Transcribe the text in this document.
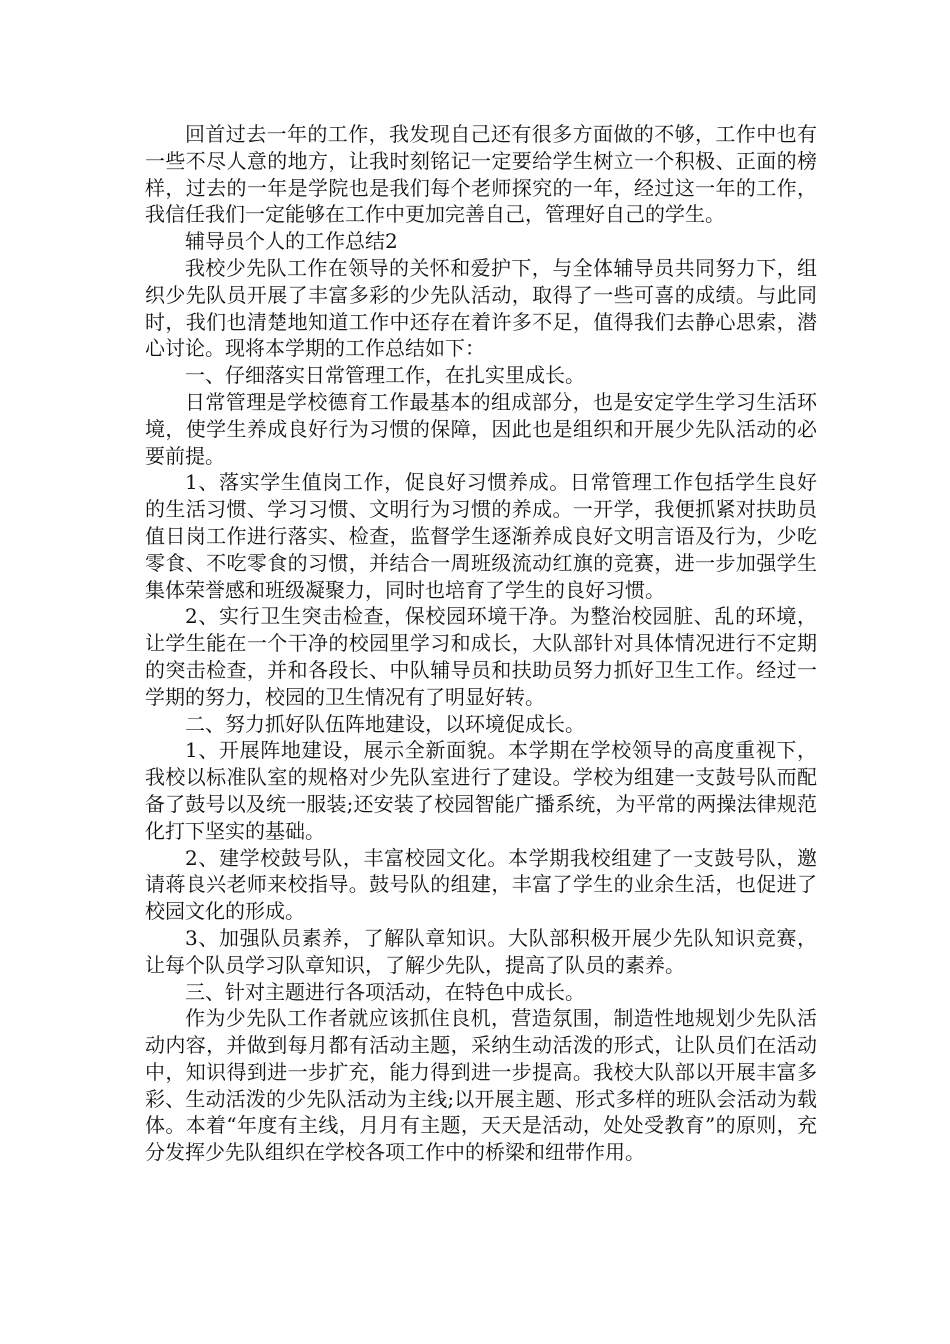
回首过去一年的工作，我发现自己还有很多方面做的不够，工作中也有一些不尽人意的地方，让我时刻铭记一定要给学生树立一个积极、正面的榜样，过去的一年是学院也是我们每个老师探究的一年，经过这一年的工作，我信任我们一定能够在工作中更加完善自己，管理好自己的学生。

辅导员个人的工作总结2

我校少先队工作在领导的关怀和爱护下，与全体辅导员共同努力下，组织少先队员开展了丰富多彩的少先队活动，取得了一些可喜的成绩。与此同时，我们也清楚地知道工作中还存在着许多不足，值得我们去静心思索，潜心讨论。现将本学期的工作总结如下：

一、仔细落实日常管理工作，在扎实里成长。

日常管理是学校德育工作最基本的组成部分，也是安定学生学习生活环境，使学生养成良好行为习惯的保障，因此也是组织和开展少先队活动的必要前提。

1、落实学生值岗工作，促良好习惯养成。日常管理工作包括学生良好的生活习惯、学习习惯、文明行为习惯的养成。一开学，我便抓紧对扶助员值日岗工作进行落实、检查，监督学生逐渐养成良好文明言语及行为，少吃零食、不吃零食的习惯，并结合一周班级流动红旗的竞赛，进一步加强学生集体荣誉感和班级凝聚力，同时也培育了学生的良好习惯。

2、实行卫生突击检查，保校园环境干净。为整治校园脏、乱的环境，让学生能在一个干净的校园里学习和成长，大队部针对具体情况进行不定期的突击检查，并和各段长、中队辅导员和扶助员努力抓好卫生工作。经过一学期的努力，校园的卫生情况有了明显好转。

二、努力抓好队伍阵地建设，以环境促成长。

1、开展阵地建设，展示全新面貌。本学期在学校领导的高度重视下，我校以标准队室的规格对少先队室进行了建设。学校为组建一支鼓号队而配备了鼓号以及统一服装;还安装了校园智能广播系统，为平常的两操法律规范化打下坚实的基础。

2、建学校鼓号队，丰富校园文化。本学期我校组建了一支鼓号队，邀请蒋良兴老师来校指导。鼓号队的组建，丰富了学生的业余生活，也促进了校园文化的形成。

3、加强队员素养，了解队章知识。大队部积极开展少先队知识竞赛，让每个队员学习队章知识，了解少先队，提高了队员的素养。

三、针对主题进行各项活动，在特色中成长。

作为少先队工作者就应该抓住良机，营造氛围，制造性地规划少先队活动内容，并做到每月都有活动主题，采纳生动活泼的形式，让队员们在活动中，知识得到进一步扩充，能力得到进一步提高。我校大队部以开展丰富多彩、生动活泼的少先队活动为主线;以开展主题、形式多样的班队会活动为载体。本着“年度有主线，月月有主题，天天是活动，处处受教育”的原则，充分发挥少先队组织在学校各项工作中的桥梁和纽带作用。
